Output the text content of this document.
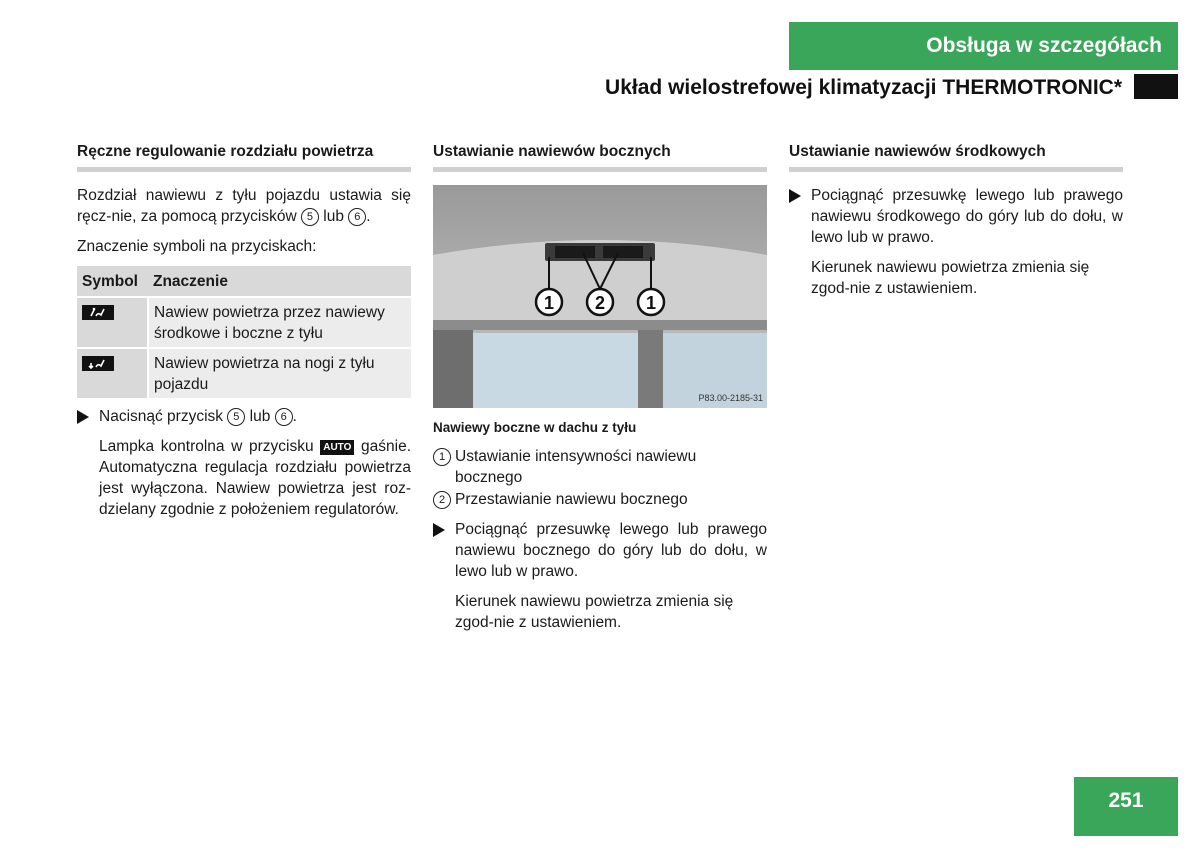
Obsługa w szczegółach
Układ wielostrefowej klimatyzacji THERMOTRONIC*
Ręczne regulowanie rozdziału powietrza

Rozdział nawiewu z tyłu pojazdu ustawia się ręcz-nie, za pomocą przycisków 5 lub 6 .

Znaczenie symboli na przyciskach:

Symbol	Znaczenie
	Nawiew powietrza przez nawiewy środkowe i boczne z tyłu
	Nawiew powietrza na nogi z tyłu pojazdu
Nacisnąć przycisk 5 lub 6 .
Lampka kontrolna w przycisku AUTO gaśnie. Automatyczna regulacja rozdziału powietrza jest wyłączona. Nawiew powietrza jest roz-dzielany zgodnie z położeniem regulatorów.
Ustawianie nawiewów bocznych
1 2 1
P83.00-2185-31
Nawiewy boczne w dachu z tyłu
1 Ustawianie intensywności nawiewu bocznego
2 Przestawianie nawiewu bocznego
Pociągnąć przesuwkę lewego lub prawego nawiewu bocznego do góry lub do dołu, w lewo lub w prawo.
Kierunek nawiewu powietrza zmienia się zgod-nie z ustawieniem.
Ustawianie nawiewów środkowych
Pociągnąć przesuwkę lewego lub prawego nawiewu środkowego do góry lub do dołu, w lewo lub w prawo.
Kierunek nawiewu powietrza zmienia się zgod-nie z ustawieniem.
251
